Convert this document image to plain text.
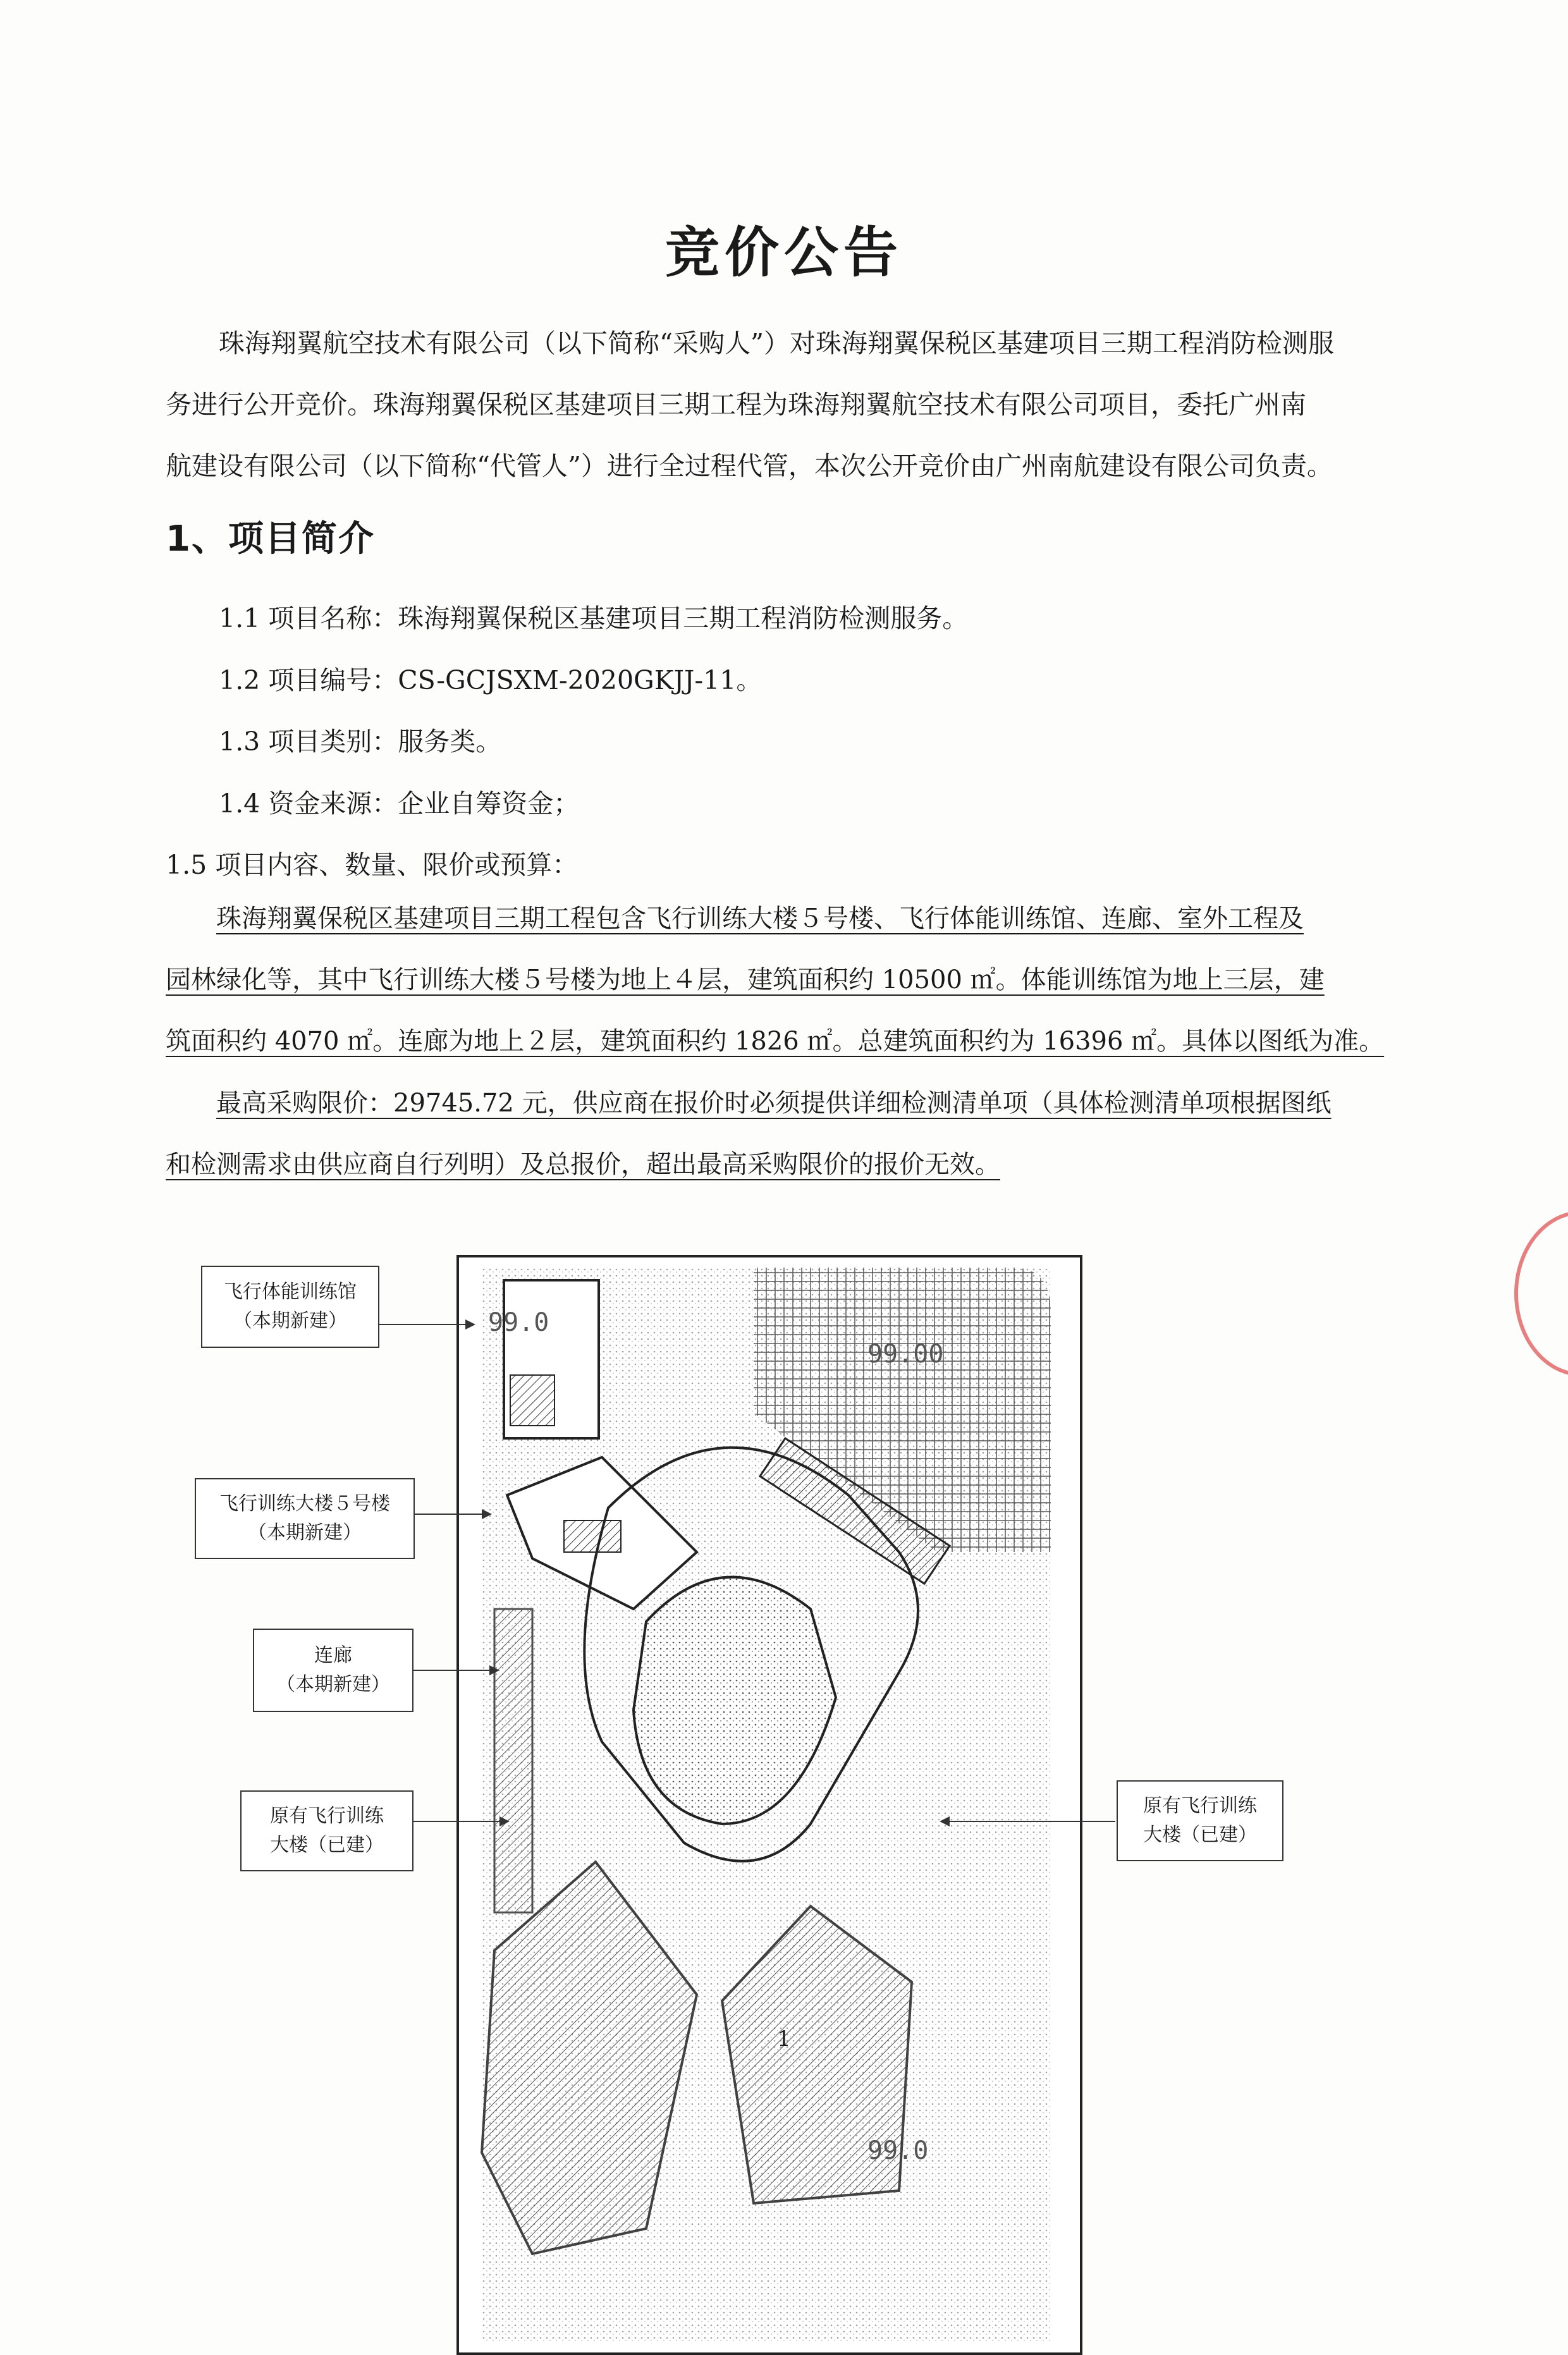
竞价公告
珠海翔翼航空技术有限公司（以下简称“采购人”）对珠海翔翼保税区基建项目三期工程消防检测服
务进行公开竞价。珠海翔翼保税区基建项目三期工程为珠海翔翼航空技术有限公司项目，委托广州南
航建设有限公司（以下简称“代管人”）进行全过程代管，本次公开竞价由广州南航建设有限公司负责。
1、项目简介
1.1 项目名称：珠海翔翼保税区基建项目三期工程消防检测服务。
1.2 项目编号：CS-GCJSXM-2020GKJJ-11。
1.3 项目类别：服务类。
1.4 资金来源：企业自筹资金；
1.5 项目内容、数量、限价或预算：
珠海翔翼保税区基建项目三期工程包含飞行训练大楼５号楼、飞行体能训练馆、连廊、室外工程及
园林绿化等，其中飞行训练大楼５号楼为地上４层，建筑面积约 10500 ㎡。体能训练馆为地上三层，建
筑面积约 4070 ㎡。连廊为地上２层，建筑面积约 1826 ㎡。总建筑面积约为 16396 ㎡。具体以图纸为准。
最高采购限价：29745.72 元，供应商在报价时必须提供详细检测清单项（具体检测清单项根据图纸
和检测需求由供应商自行列明）及总报价，超出最高采购限价的报价无效。
99.0
99.00
99.0
飞行体能训练馆
（本期新建）
飞行训练大楼５号楼
（本期新建）
连廊
（本期新建）
原有飞行训练
大楼（已建）
原有飞行训练
大楼（已建）
1
